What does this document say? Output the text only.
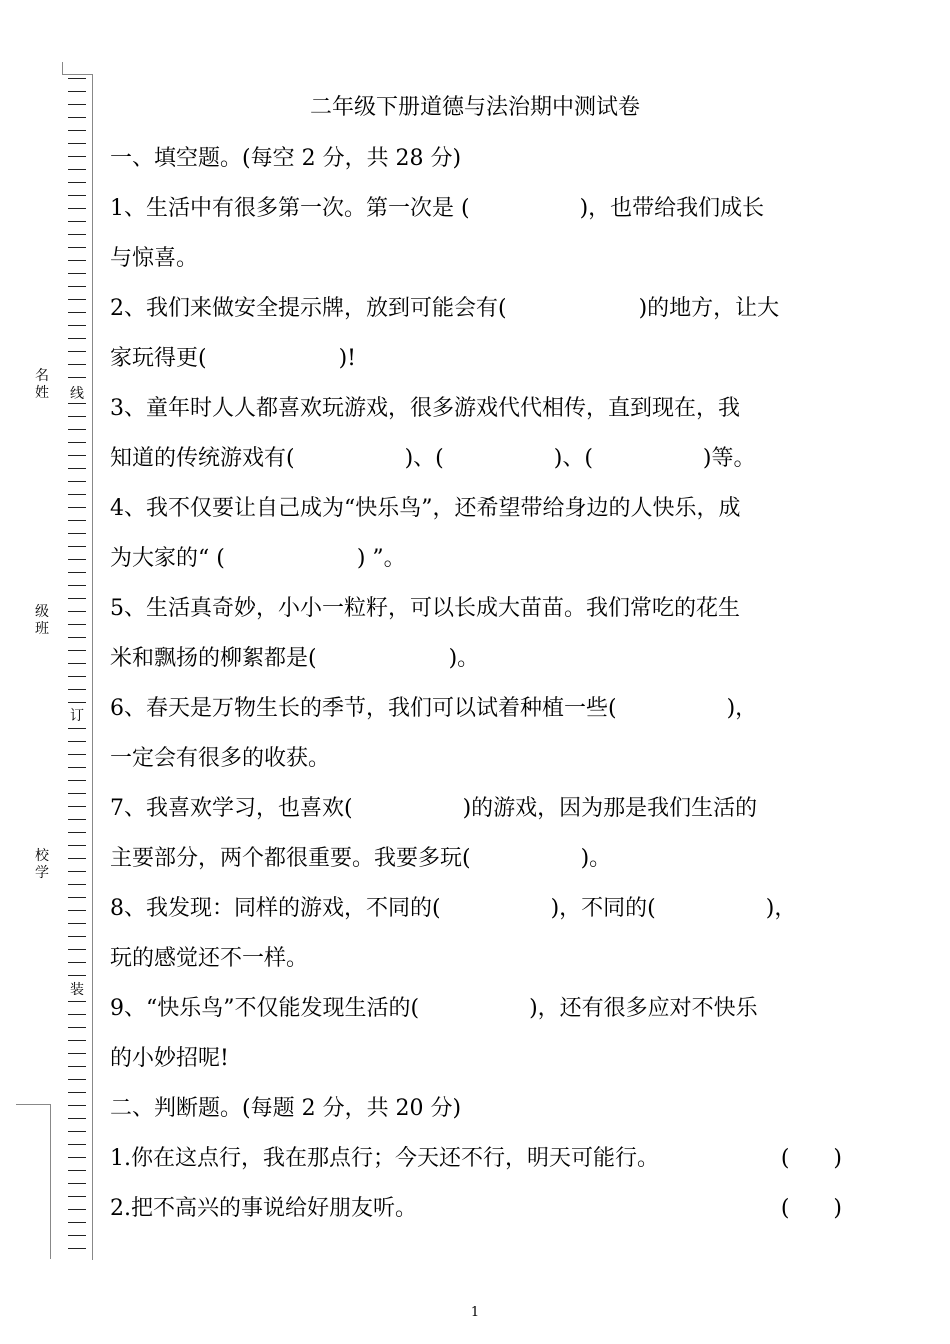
线
订
装
名姓
级班
校学
二年级下册道德与法治期中测试卷

一、填空题。(每空 2 分，共 28 分)

1、生活中有很多第一次。第一次是 (　　　　　)，也带给我们成长

与惊喜。

2、我们来做安全提示牌，放到可能会有(　　　　　　)的地方，让大

家玩得更(　　　　　　)!

3、童年时人人都喜欢玩游戏，很多游戏代代相传，直到现在，我

知道的传统游戏有(　　　　　)、(　　　　　)、(　　　　　)等。

4、我不仅要让自己成为“快乐鸟”，还希望带给身边的人快乐，成

为大家的“ (　　　　　　) ”。

5、生活真奇妙，小小一粒籽，可以长成大苗苗。我们常吃的花生

米和飘扬的柳絮都是(　　　　　　)。

6、春天是万物生长的季节，我们可以试着种植一些(　　　　　)，

一定会有很多的收获。

7、我喜欢学习，也喜欢(　　　　　)的游戏，因为那是我们生活的

主要部分，两个都很重要。我要多玩(　　　　　)。

8、我发现：同样的游戏，不同的(　　　　　)，不同的(　　　　　)，

玩的感觉还不一样。

9、“快乐鸟”不仅能发现生活的(　　　　　)，还有很多应对不快乐

的小妙招呢!

二、判断题。(每题 2 分，共 20 分)

1.你在这点行，我在那点行；今天还不行，明天可能行。	(　　)
2.把不高兴的事说给好朋友听。	(　　)
1
